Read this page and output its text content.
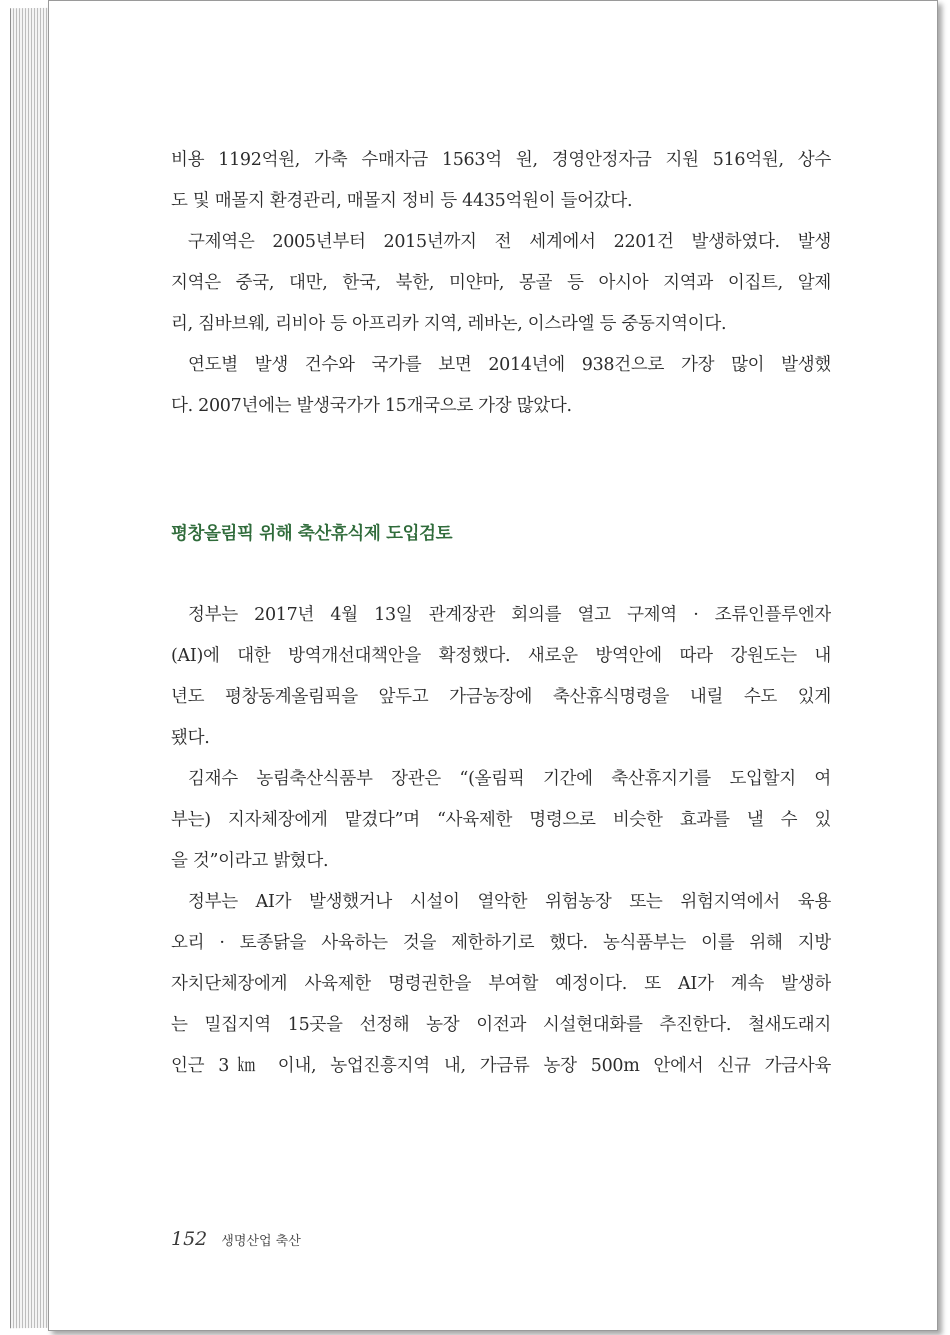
비용 1192억원, 가축 수매자금 1563억 원, 경영안정자금 지원 516억원, 상수
도 및 매몰지 환경관리, 매몰지 정비 등 4435억원이 들어갔다.
구제역은 2005년부터 2015년까지 전 세계에서 2201건 발생하였다. 발생
지역은 중국, 대만, 한국, 북한, 미얀마, 몽골 등 아시아 지역과 이집트, 알제
리, 짐바브웨, 리비아 등 아프리카 지역, 레바논, 이스라엘 등 중동지역이다.
연도별 발생 건수와 국가를 보면 2014년에 938건으로 가장 많이 발생했
다. 2007년에는 발생국가가 15개국으로 가장 많았다.
평창올림픽 위해 축산휴식제 도입검토
정부는 2017년 4월 13일 관계장관 회의를 열고 구제역 · 조류인플루엔자
(AI)에 대한 방역개선대책안을 확정했다. 새로운 방역안에 따라 강원도는 내
년도 평창동계올림픽을 앞두고 가금농장에 축산휴식명령을 내릴 수도 있게
됐다.
김재수 농림축산식품부 장관은 “(올림픽 기간에 축산휴지기를 도입할지 여
부는) 지자체장에게 맡겼다”며 “사육제한 명령으로 비슷한 효과를 낼 수 있
을 것”이라고 밝혔다.
정부는 AI가 발생했거나 시설이 열악한 위험농장 또는 위험지역에서 육용
오리 · 토종닭을 사육하는 것을 제한하기로 했다. 농식품부는 이를 위해 지방
자치단체장에게 사육제한 명령권한을 부여할 예정이다. 또 AI가 계속 발생하
는 밀집지역 15곳을 선정해 농장 이전과 시설현대화를 추진한다. 철새도래지
인근 3㎞ 이내, 농업진흥지역 내, 가금류 농장 500m 안에서 신규 가금사육
152 생명산업 축산
